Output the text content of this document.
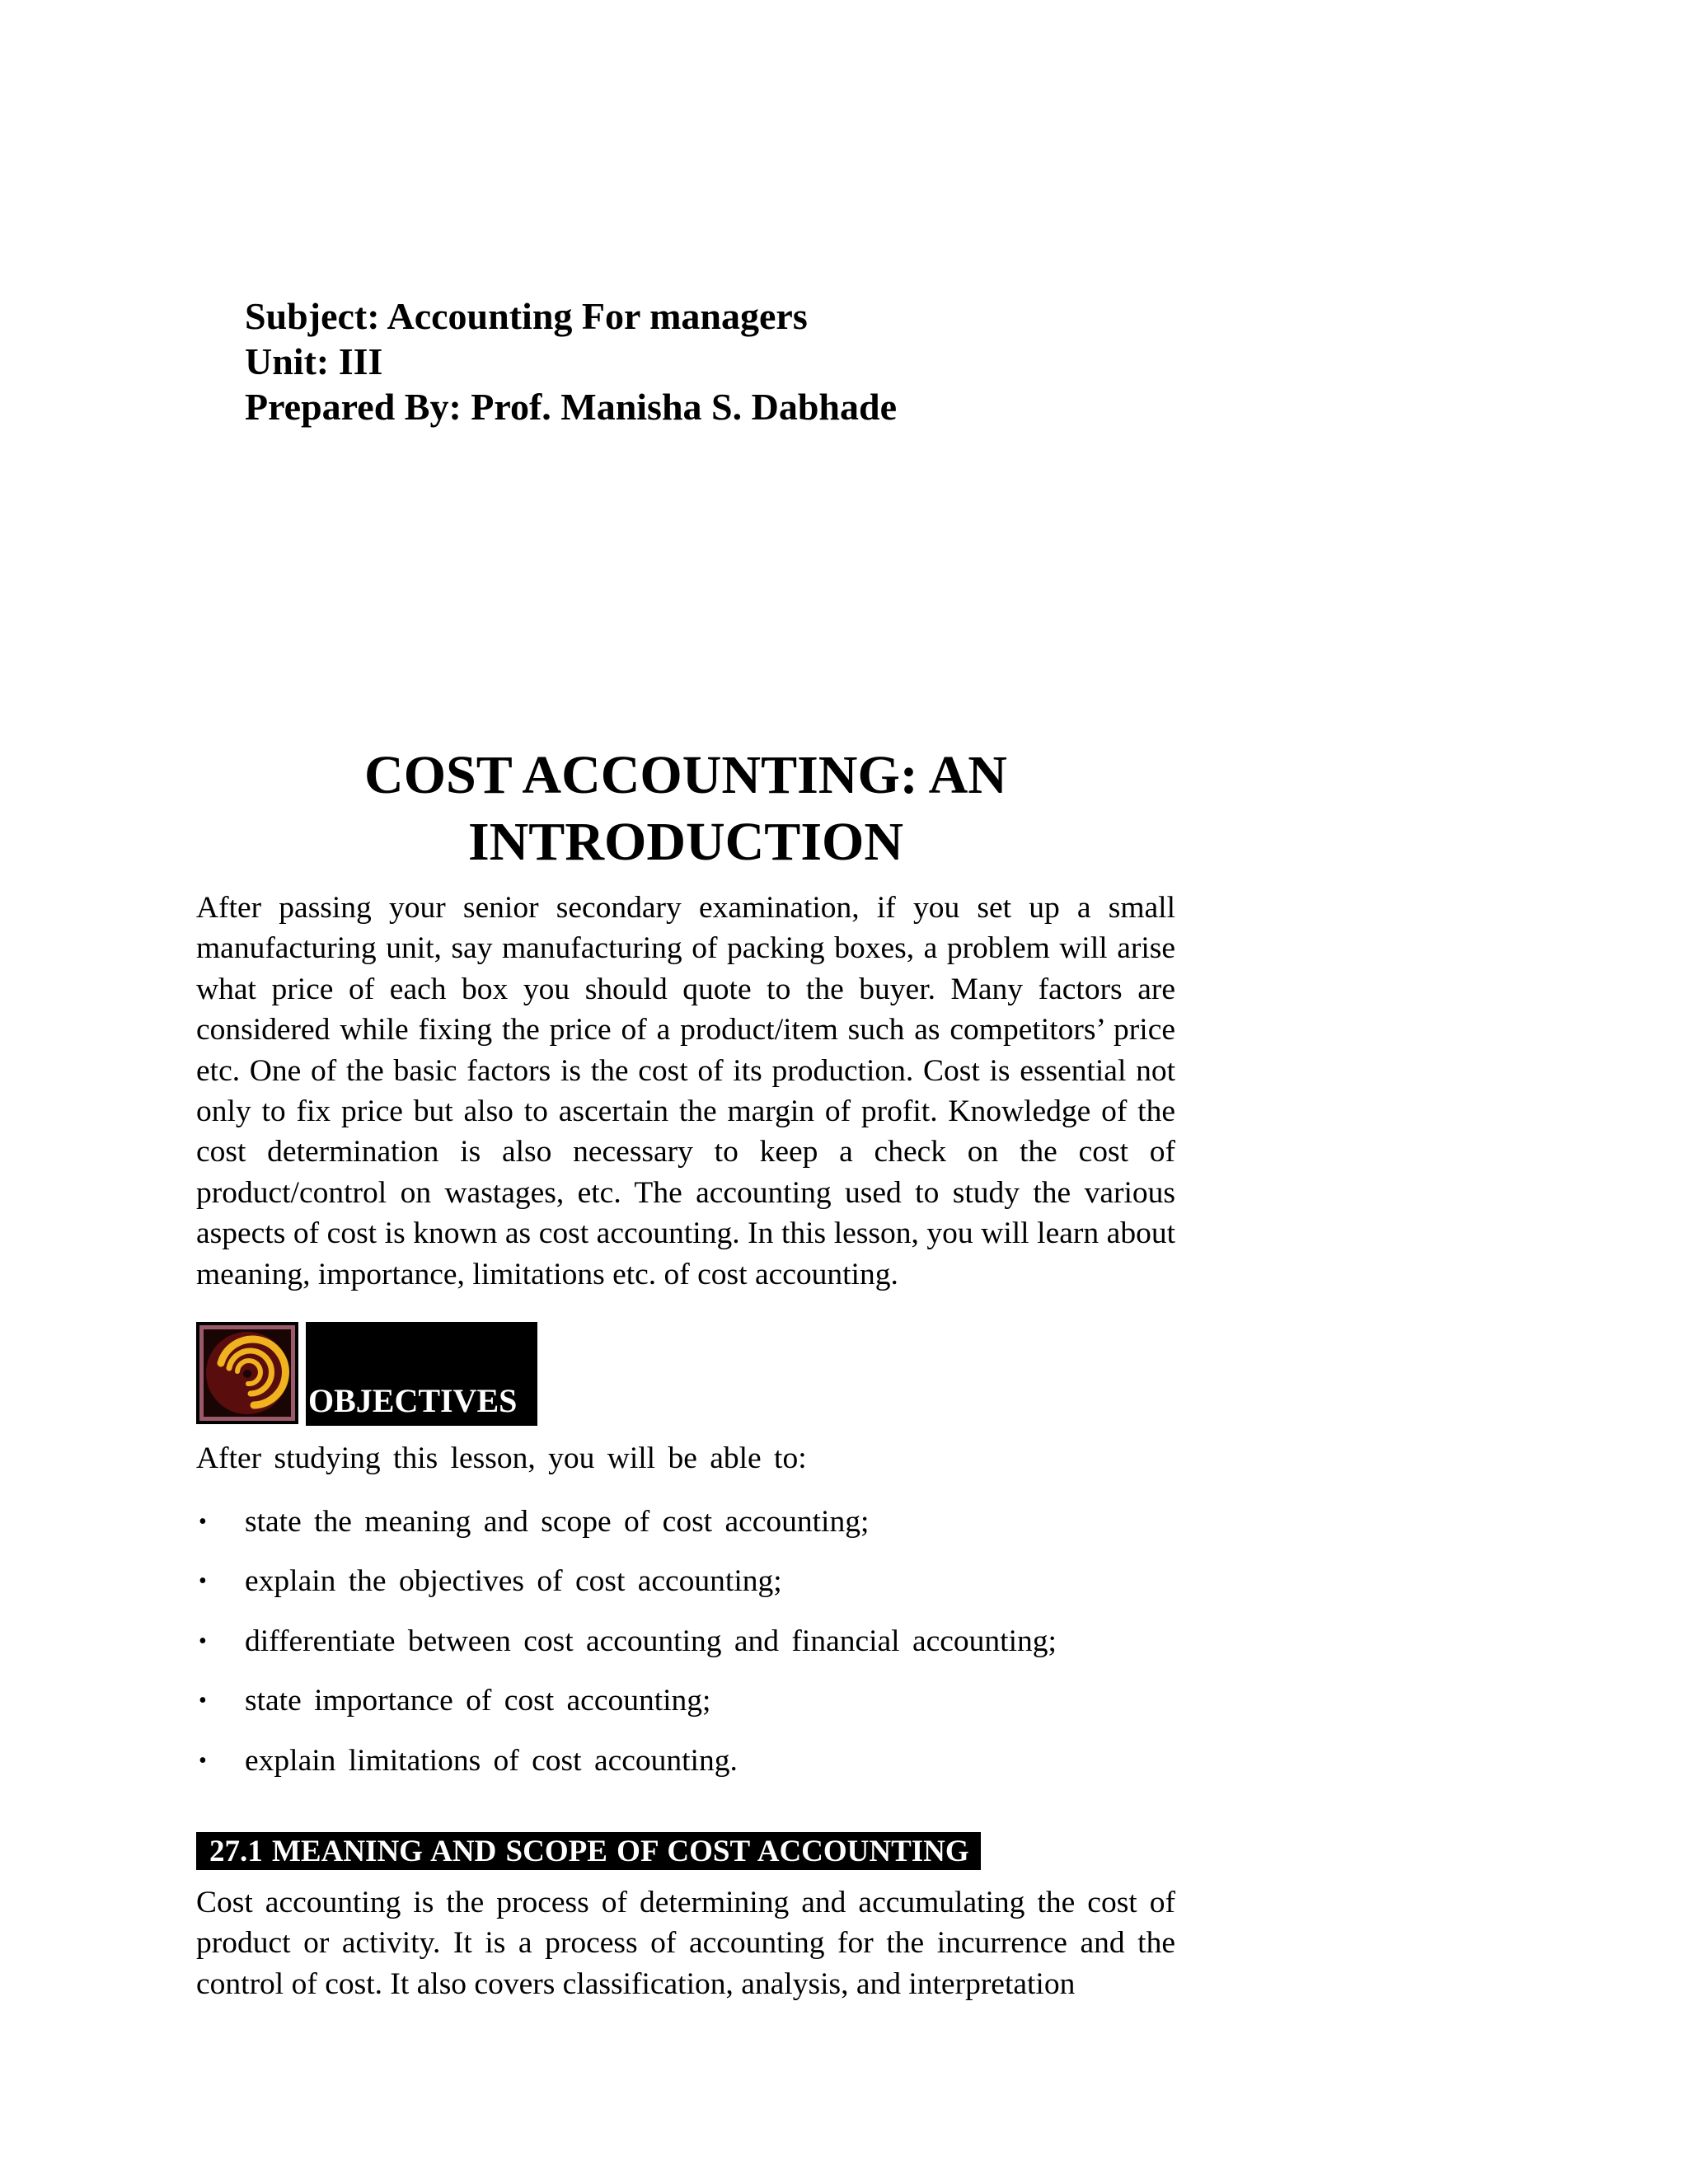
Subject: Accounting For managers
Unit: III
Prepared By: Prof. Manisha S. Dabhade
COST ACCOUNTING: AN
INTRODUCTION
After passing your senior secondary examination, if you set up a small manufacturing unit, say manufacturing of packing boxes, a problem will arise what price of each box you should quote to the buyer. Many factors are considered while fixing the price of a product/item such as competitors’ price etc. One of the basic factors is the cost of its production. Cost is essential not only to fix price but also to ascertain the margin of profit. Knowledge of the cost determination is also necessary to keep a check on the cost of product/control on wastages, etc. The accounting used to study the various aspects of cost is known as cost accounting. In this lesson, you will learn about meaning, importance, limitations etc. of cost accounting.
OBJECTIVES
After studying this lesson, you will be able to:
• state the meaning and scope of cost accounting;
• explain the objectives of cost accounting;
• differentiate between cost accounting and financial accounting;
• state importance of cost accounting;
• explain limitations of cost accounting.
27.1 MEANING AND SCOPE OF COST ACCOUNTING
Cost accounting is the process of determining and accumulating the cost of product or activity. It is a process of accounting for the incurrence and the control of cost. It also covers classification, analysis, and interpretation
